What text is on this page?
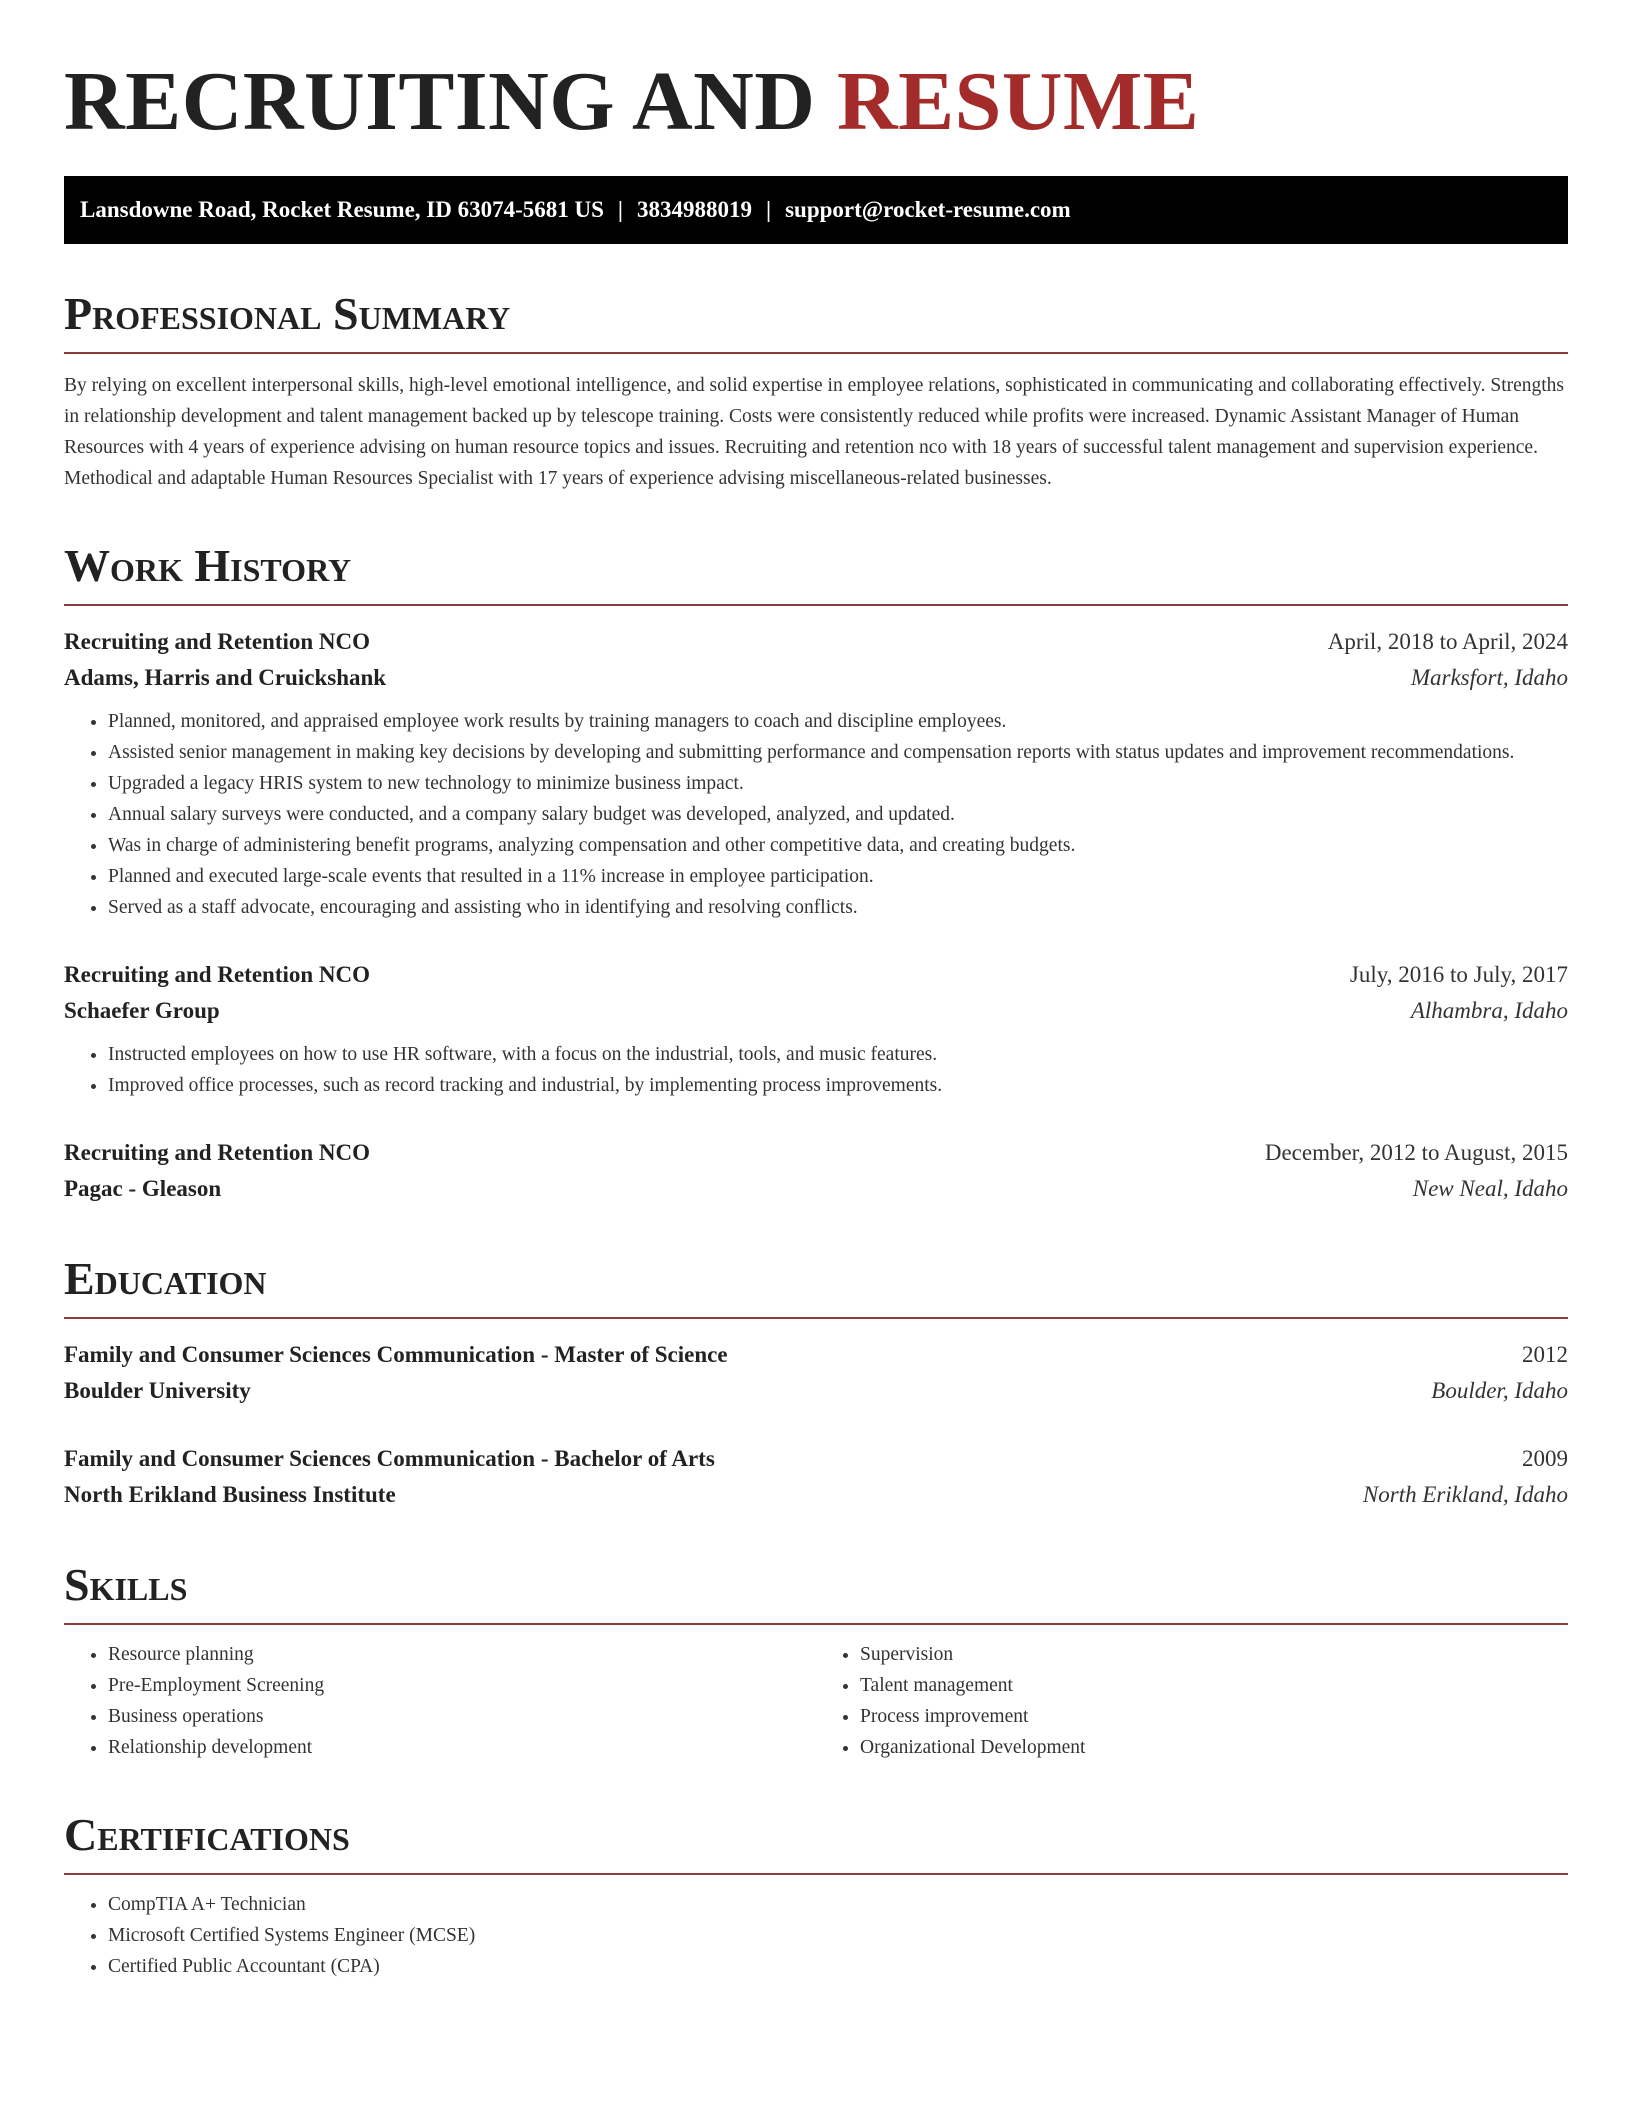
RECRUITING AND RESUME
Lansdowne Road, Rocket Resume, ID 63074-5681 US | 3834988019 | support@rocket-resume.com
Professional Summary

By relying on excellent interpersonal skills, high-level emotional intelligence, and solid expertise in employee relations, sophisticated in communicating and collaborating effectively. Strengths in relationship development and talent management backed up by telescope training. Costs were consistently reduced while profits were increased. Dynamic Assistant Manager of Human Resources with 4 years of experience advising on human resource topics and issues. Recruiting and retention nco with 18 years of successful talent management and supervision experience. Methodical and adaptable Human Resources Specialist with 17 years of experience advising miscellaneous-related businesses.

Work History
Recruiting and Retention NCO	April, 2018 to April, 2024
Adams, Harris and Cruickshank	Marksfort, Idaho
• Planned, monitored, and appraised employee work results by training managers to coach and discipline employees.
• Assisted senior management in making key decisions by developing and submitting performance and compensation reports with status updates and improvement recommendations.
• Upgraded a legacy HRIS system to new technology to minimize business impact.
• Annual salary surveys were conducted, and a company salary budget was developed, analyzed, and updated.
• Was in charge of administering benefit programs, analyzing compensation and other competitive data, and creating budgets.
• Planned and executed large-scale events that resulted in a 11% increase in employee participation.
• Served as a staff advocate, encouraging and assisting who in identifying and resolving conflicts.
Recruiting and Retention NCO	July, 2016 to July, 2017
Schaefer Group	Alhambra, Idaho
• Instructed employees on how to use HR software, with a focus on the industrial, tools, and music features.
• Improved office processes, such as record tracking and industrial, by implementing process improvements.
Recruiting and Retention NCO	December, 2012 to August, 2015
Pagac - Gleason	New Neal, Idaho
Education
Family and Consumer Sciences Communication - Master of Science	2012
Boulder University	Boulder, Idaho
Family and Consumer Sciences Communication - Bachelor of Arts	2009
North Erikland Business Institute	North Erikland, Idaho
Skills
• Resource planning
• Pre-Employment Screening
• Business operations
• Relationship development
• Supervision
• Talent management
• Process improvement
• Organizational Development
Certifications
• CompTIA A+ Technician
• Microsoft Certified Systems Engineer (MCSE)
• Certified Public Accountant (CPA)
